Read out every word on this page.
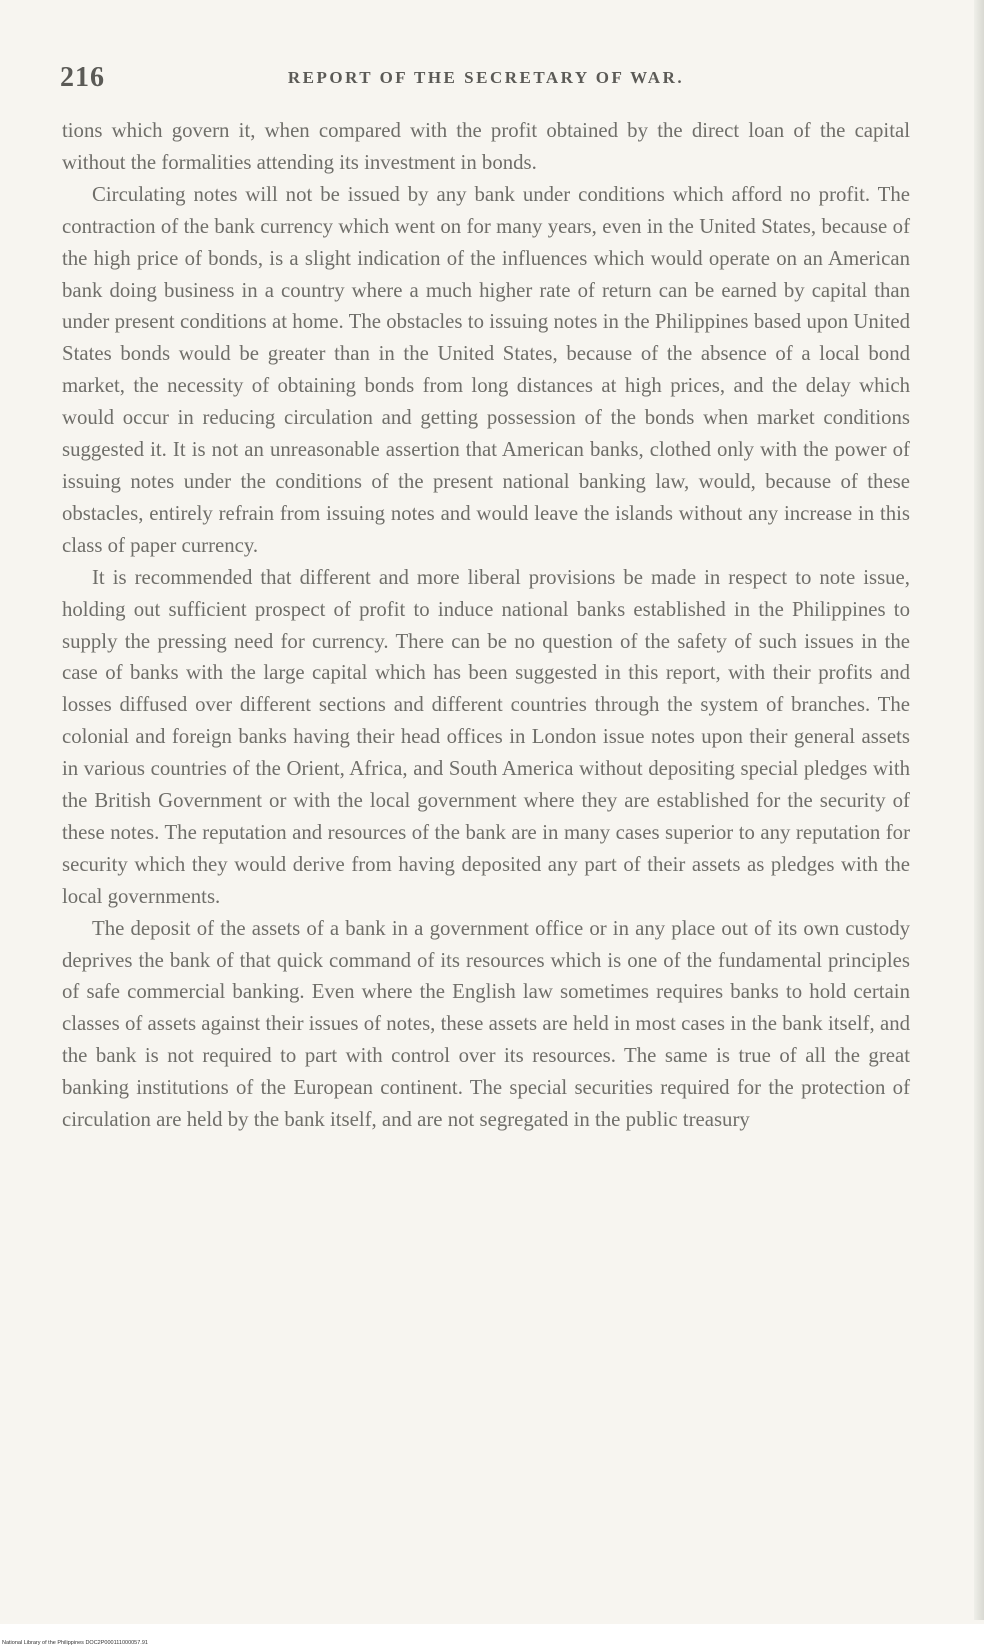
216	REPORT OF THE SECRETARY OF WAR.

tions which govern it, when compared with the profit obtained by the direct loan of the capital without the formalities attending its investment in bonds.

Circulating notes will not be issued by any bank under conditions which afford no profit. The contraction of the bank currency which went on for many years, even in the United States, because of the high price of bonds, is a slight indication of the influences which would operate on an American bank doing business in a country where a much higher rate of return can be earned by capital than under present conditions at home. The obstacles to issuing notes in the Philippines based upon United States bonds would be greater than in the United States, because of the absence of a local bond market, the necessity of obtaining bonds from long distances at high prices, and the delay which would occur in reducing circulation and getting possession of the bonds when market conditions suggested it. It is not an unreasonable assertion that American banks, clothed only with the power of issuing notes under the conditions of the present national banking law, would, because of these obstacles, entirely refrain from issuing notes and would leave the islands without any increase in this class of paper currency.

It is recommended that different and more liberal provisions be made in respect to note issue, holding out sufficient prospect of profit to induce national banks established in the Philippines to supply the pressing need for currency. There can be no question of the safety of such issues in the case of banks with the large capital which has been suggested in this report, with their profits and losses diffused over different sections and different countries through the system of branches. The colonial and foreign banks having their head offices in London issue notes upon their general assets in various countries of the Orient, Africa, and South America without depositing special pledges with the British Government or with the local government where they are established for the security of these notes. The reputation and resources of the bank are in many cases superior to any reputation for security which they would derive from having deposited any part of their assets as pledges with the local governments.

The deposit of the assets of a bank in a government office or in any place out of its own custody deprives the bank of that quick command of its resources which is one of the fundamental principles of safe commercial banking. Even where the English law sometimes requires banks to hold certain classes of assets against their issues of notes, these assets are held in most cases in the bank itself, and the bank is not required to part with control over its resources. The same is true of all the great banking institutions of the European continent. The special securities required for the protection of circulation are held by the bank itself, and are not segregated in the public treasury

National Library of the Philippines DOC2P000111000057.91
